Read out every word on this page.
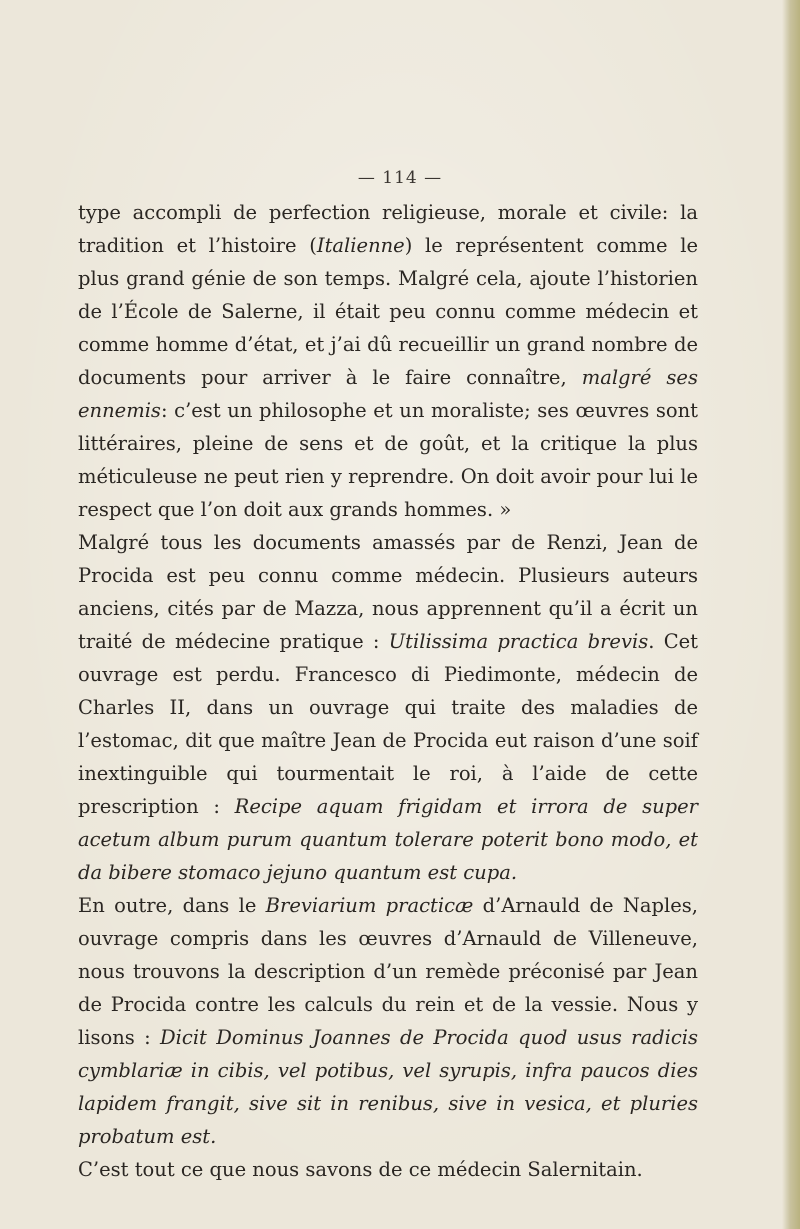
— 114 —

type accompli de perfection religieuse, morale et civile: la tradition et l’histoire (Italienne) le représentent comme le plus grand génie de son temps. Malgré cela, ajoute l’historien de l’École de Salerne, il était peu connu comme médecin et comme homme d’état, et j’ai dû recueillir un grand nombre de documents pour arriver à le faire connaître, malgré ses ennemis: c’est un philosophe et un moraliste; ses œuvres sont littéraires, pleine de sens et de goût, et la critique la plus méticuleuse ne peut rien y reprendre. On doit avoir pour lui le respect que l’on doit aux grands hommes. »

Malgré tous les documents amassés par de Renzi, Jean de Procida est peu connu comme médecin. Plusieurs auteurs anciens, cités par de Mazza, nous apprennent qu’il a écrit un traité de médecine pratique : Utilissima practica brevis. Cet ouvrage est perdu. Francesco di Piedimonte, médecin de Charles II, dans un ouvrage qui traite des maladies de l’estomac, dit que maître Jean de Procida eut raison d’une soif inextinguible qui tourmentait le roi, à l’aide de cette prescription : Recipe aquam frigidam et irrora de super acetum album purum quantum tolerare poterit bono modo, et da bibere stomaco jejuno quantum est cupa.

En outre, dans le Breviarium practicæ d’Arnauld de Naples, ouvrage compris dans les œuvres d’Arnauld de Villeneuve, nous trouvons la description d’un remède préconisé par Jean de Procida contre les calculs du rein et de la vessie. Nous y lisons : Dicit Dominus Joannes de Procida quod usus radicis cymblariæ in cibis, vel potibus, vel syrupis, infra paucos dies lapidem frangit, sive sit in renibus, sive in vesica, et pluries probatum est.

C’est tout ce que nous savons de ce médecin Salernitain.
